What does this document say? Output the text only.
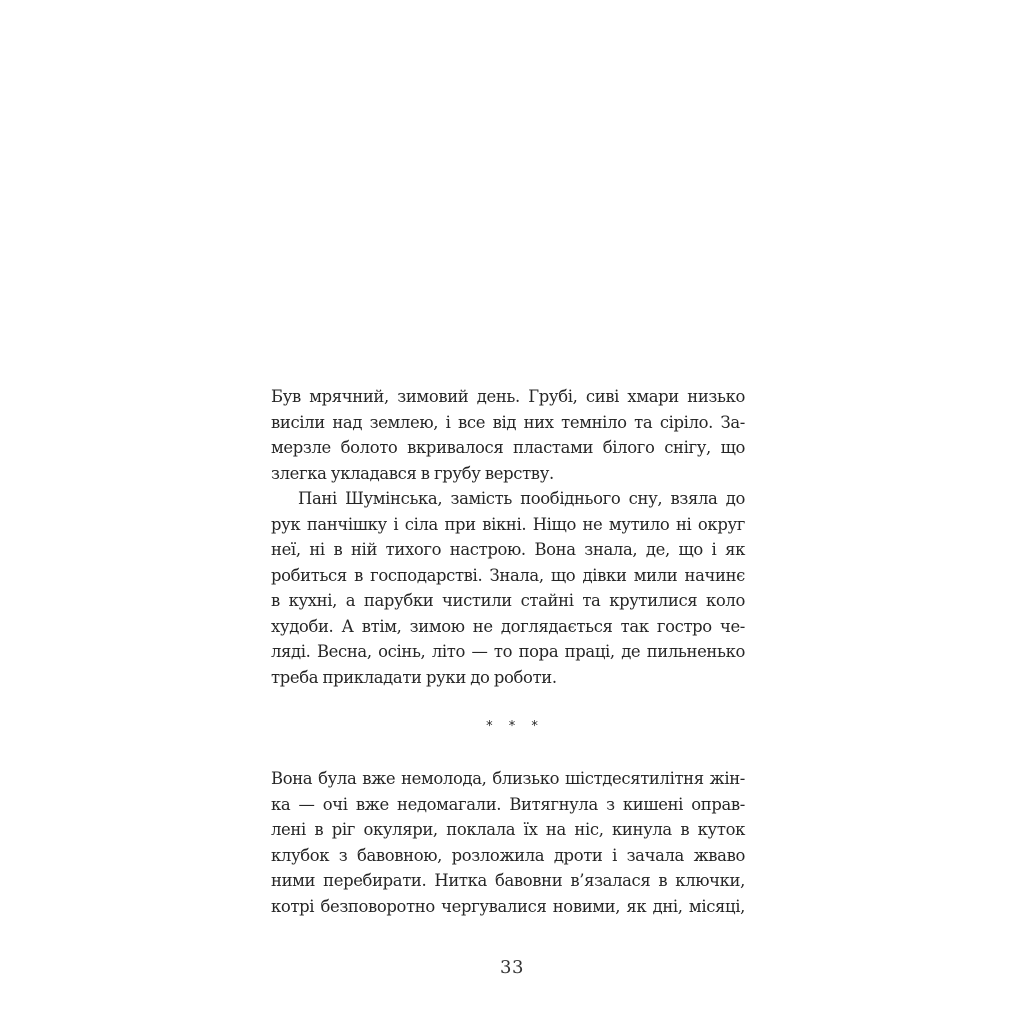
Був мрячний, зимовий день. Грубі, сиві хмари низько
висіли над землею, і все від них темніло та сіріло. За-
мерзле болото вкривалося пластами білого снігу, що
злегка укладався в грубу верству.
Пані Шумінська, замість пообіднього сну, взяла до
рук панчішку і сіла при вікні. Ніщо не мутило ні округ
неї, ні в ній тихого настрою. Вона знала, де, що і як
робиться в господарстві. Знала, що дівки мили начинє
в кухні, а парубки чистили стайні та крутилися коло
худоби. А втім, зимою не доглядається так гостро че-
ляді. Весна, осінь, літо — то пора праці, де пильненько
треба прикладати руки до роботи.
* * *
Вона була вже немолода, близько шістдесятилітня жін-
ка — очі вже недомагали. Витягнула з кишені оправ-
лені в ріг окуляри, поклала їх на ніс, кинула в куток
клубок з бавовною, розложила дроти і зачала жваво
ними перебирати. Нитка бавовни в’язалася в ключки,
котрі безповоротно чергувалися новими, як дні, місяці,
33
